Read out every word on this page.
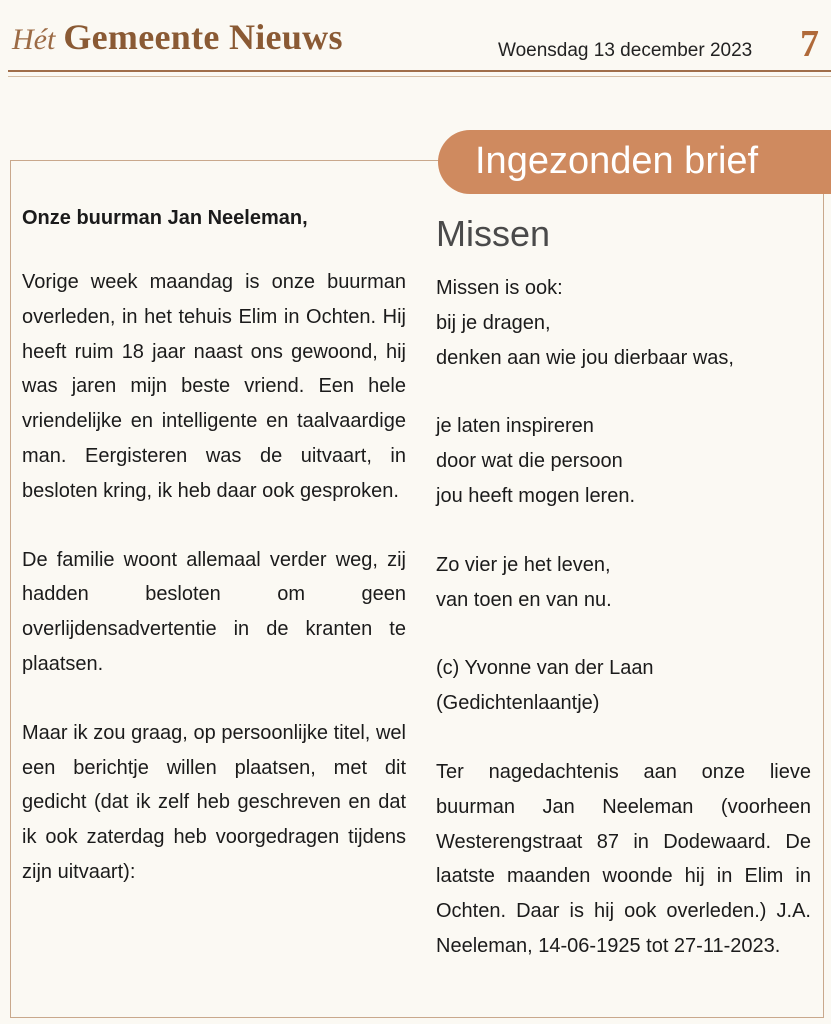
Hét Gemeente Nieuws	Woensdag 13 december 2023 7
Ingezonden brief

Onze buurman Jan Neeleman,

Vorige week maandag is onze buurman overleden, in het tehuis Elim in Ochten. Hij heeft ruim 18 jaar naast ons gewoond, hij was jaren mijn beste vriend. Een hele vriendelijke en intelligente en taalvaardige man. Eergisteren was de uitvaart, in besloten kring, ik heb daar ook gesproken.

De familie woont allemaal verder weg, zij hadden besloten om geen overlijdensadvertentie in de kranten te plaatsen.

Maar ik zou graag, op persoonlijke titel, wel een berichtje willen plaatsen, met dit gedicht (dat ik zelf heb geschreven en dat ik ook zaterdag heb voorgedragen tijdens zijn uitvaart):

Missen

Missen is ook:

bij je dragen,

denken aan wie jou dierbaar was,

je laten inspireren

door wat die persoon

jou heeft mogen leren.

Zo vier je het leven,

van toen en van nu.

(c) Yvonne van der Laan (Gedichtenlaantje)

Ter nagedachtenis aan onze lieve buurman Jan Neeleman (voorheen Westerengstraat 87 in Dodewaard. De laatste maanden woonde hij in Elim in Ochten. Daar is hij ook overleden.) J.A. Neeleman, 14-06-1925 tot 27-11-2023.
